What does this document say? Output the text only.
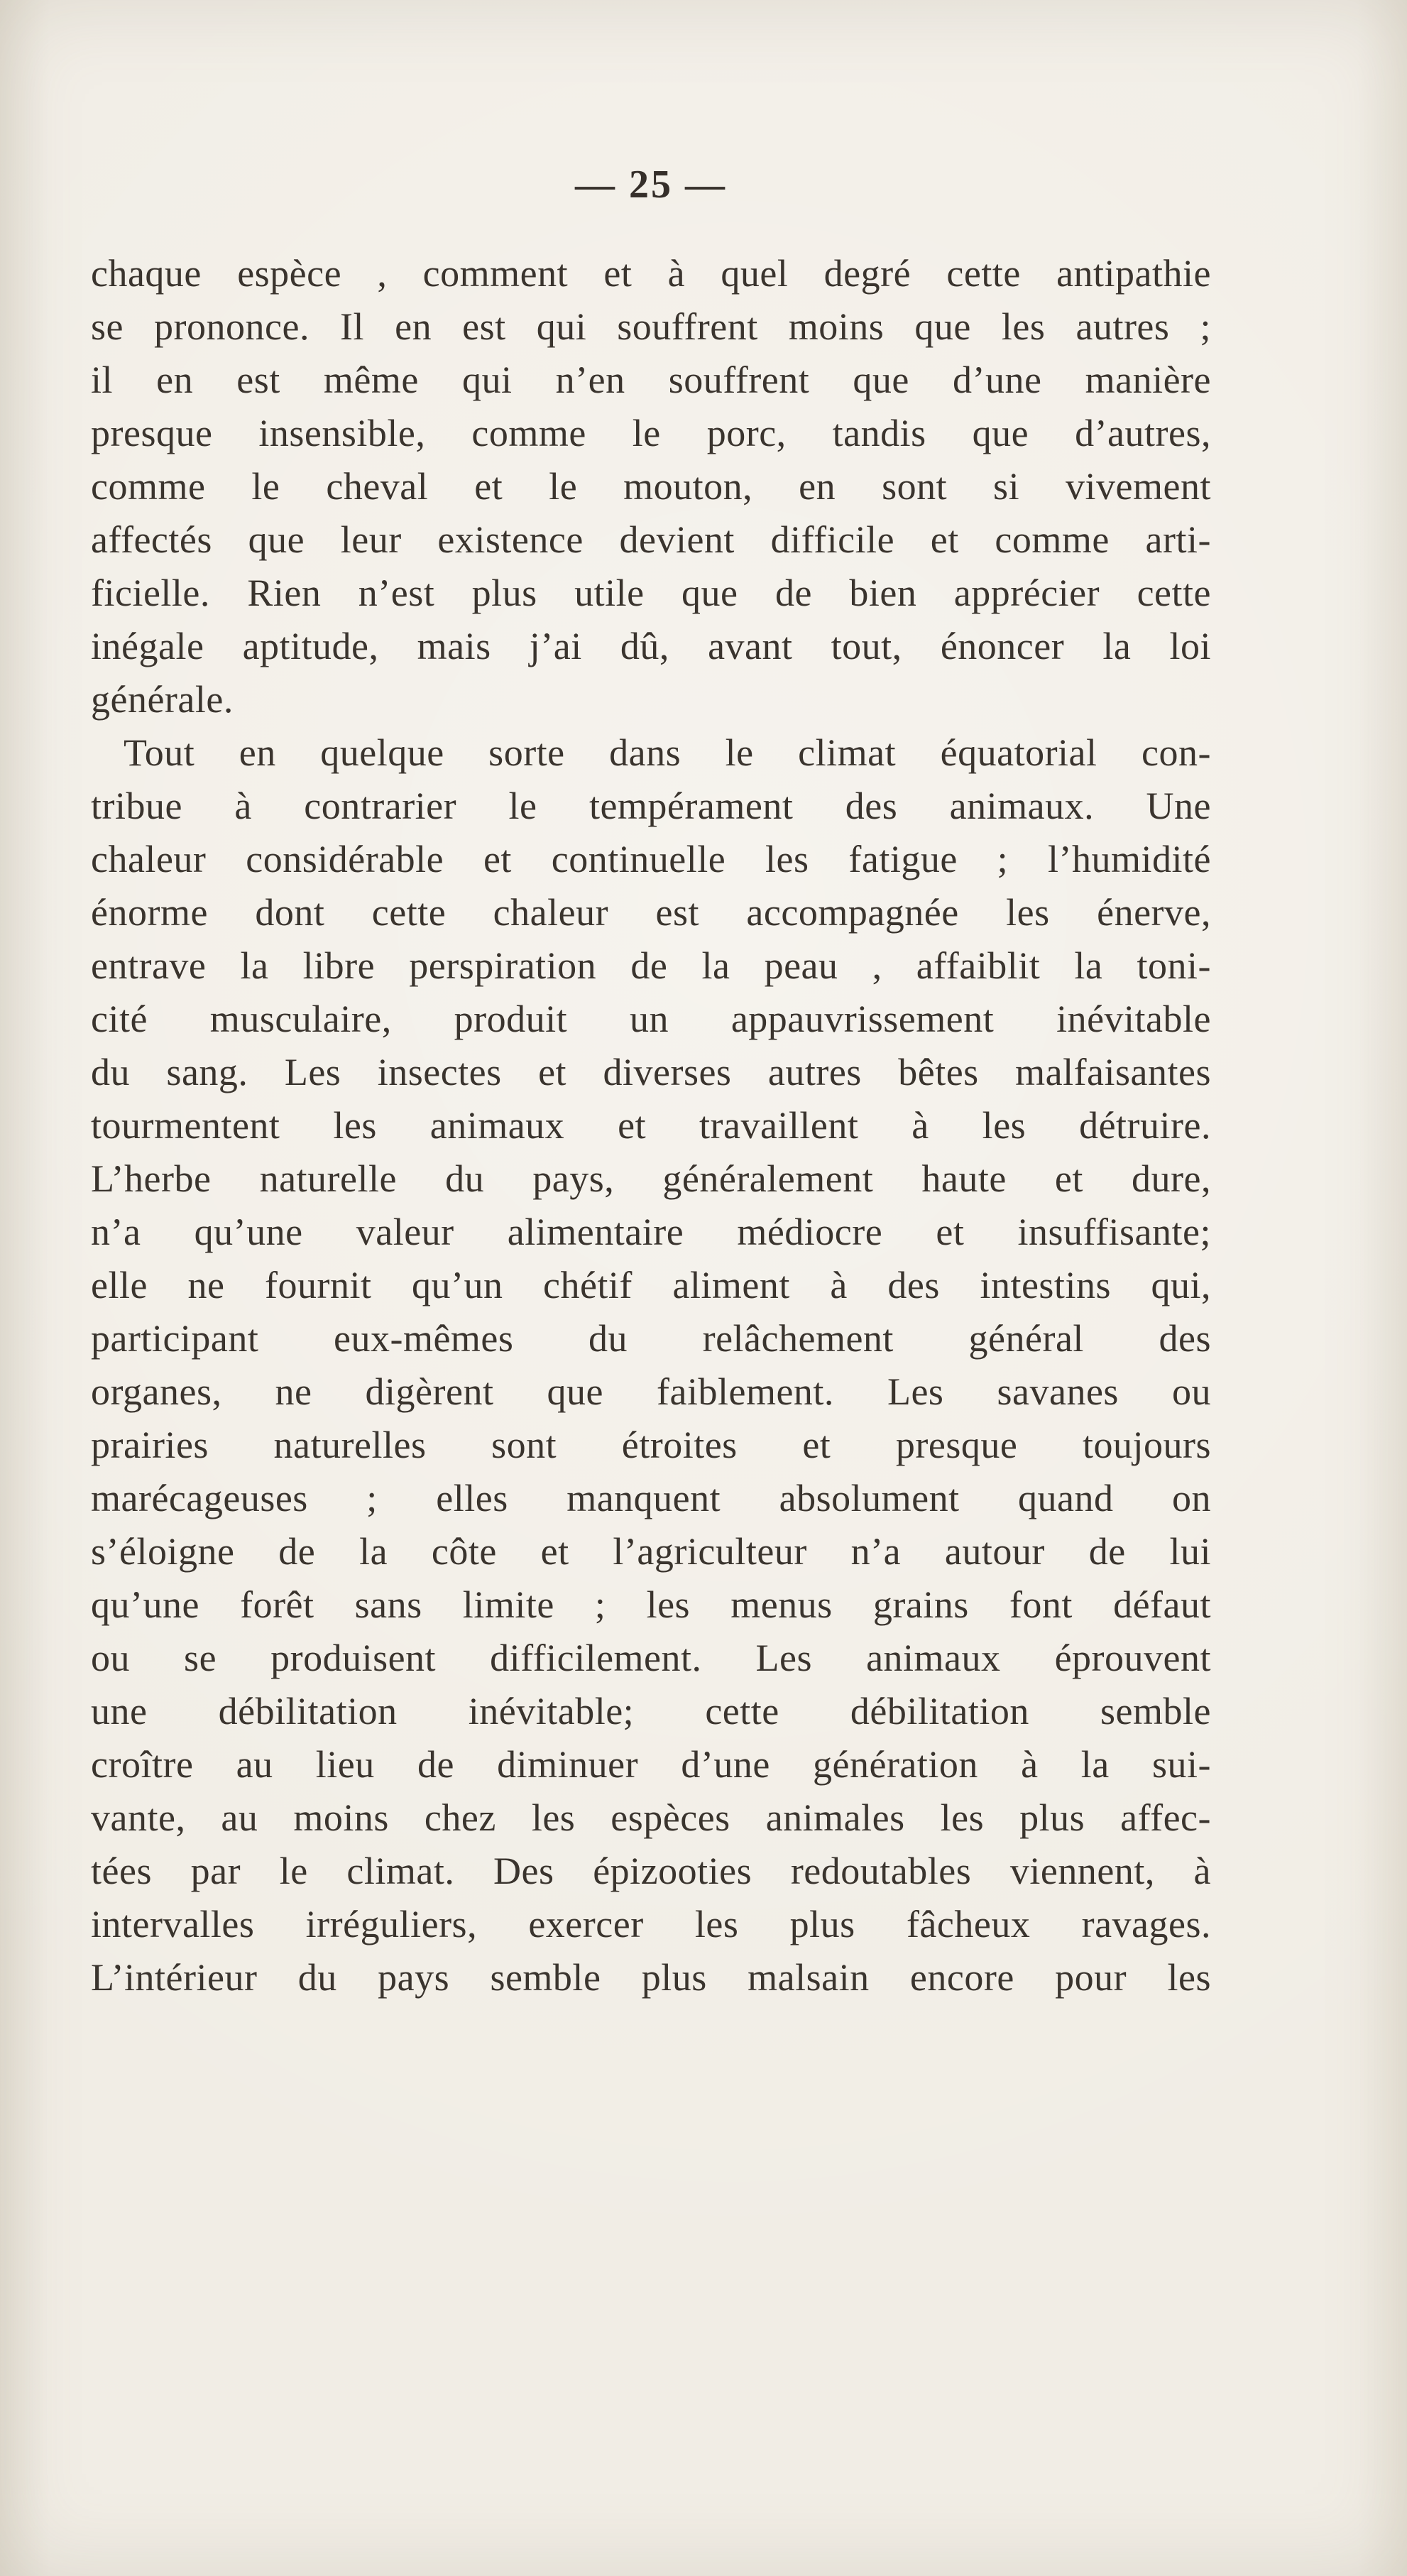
— 25 —
chaque espèce , comment et à quel degré cette antipathie
se prononce. Il en est qui souffrent moins que les autres ;
il en est même qui n’en souffrent que d’une manière
presque insensible, comme le porc, tandis que d’autres,
comme le cheval et le mouton, en sont si vivement
affectés que leur existence devient difficile et comme arti-
ficielle. Rien n’est plus utile que de bien apprécier cette
inégale aptitude, mais j’ai dû, avant tout, énoncer la loi
générale.
Tout en quelque sorte dans le climat équatorial con-
tribue à contrarier le tempérament des animaux. Une
chaleur considérable et continuelle les fatigue ; l’humidité
énorme dont cette chaleur est accompagnée les énerve,
entrave la libre perspiration de la peau , affaiblit la toni-
cité musculaire, produit un appauvrissement inévitable
du sang. Les insectes et diverses autres bêtes malfaisantes
tourmentent les animaux et travaillent à les détruire.
L’herbe naturelle du pays, généralement haute et dure,
n’a qu’une valeur alimentaire médiocre et insuffisante;
elle ne fournit qu’un chétif aliment à des intestins qui,
participant eux-mêmes du relâchement général des
organes, ne digèrent que faiblement. Les savanes ou
prairies naturelles sont étroites et presque toujours
marécageuses ; elles manquent absolument quand on
s’éloigne de la côte et l’agriculteur n’a autour de lui
qu’une forêt sans limite ; les menus grains font défaut
ou se produisent difficilement. Les animaux éprouvent
une débilitation inévitable; cette débilitation semble
croître au lieu de diminuer d’une génération à la sui-
vante, au moins chez les espèces animales les plus affec-
tées par le climat. Des épizooties redoutables viennent, à
intervalles irréguliers, exercer les plus fâcheux ravages.
L’intérieur du pays semble plus malsain encore pour les
